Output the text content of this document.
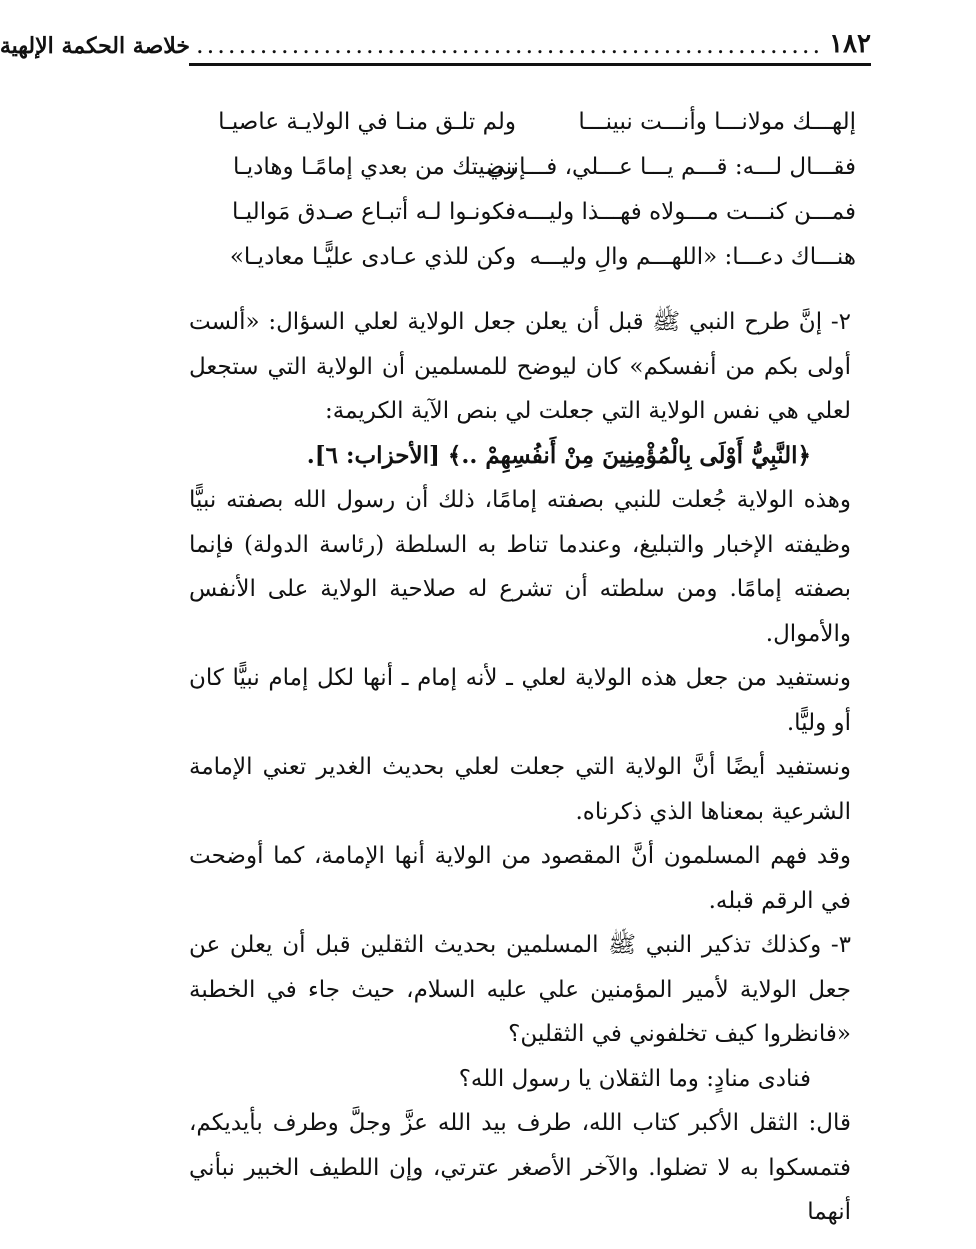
١٨٢
...........................................................
خلاصة الحكمة الإلهية
إلهـــك مولانـــا وأنـــت نبينـــا
ولم تلـق منـا في الولايـة عاصيـا
فقـــال لـــه: قـــم يـــا عـــلي، فـــإنني
رضيتك من بعدي إمامًـا وهاديـا
فمـــن كنـــت مـــولاه فهـــذا وليـــه
فكونـوا لـه أتبـاع صـدق مَواليـا
هنـــاك دعـــا: «اللهـــم والِ وليـــه
وكن للذي عـادى عليًّـا معاديـا»

٢- إنَّ طرح النبي ﷺ قبل أن يعلن جعل الولاية لعلي السؤال: «ألست أولى بكم من أنفسكم» كان ليوضح للمسلمين أن الولاية التي ستجعل لعلي هي نفس الولاية التي جعلت لي بنص الآية الكريمة:

﴿النَّبِيُّ أَوْلَى بِالْمُؤْمِنِينَ مِنْ أَنفُسِهِمْ ..﴾ [الأحزاب: ٦].

وهذه الولاية جُعلت للنبي بصفته إمامًا، ذلك أن رسول الله بصفته نبيًّا وظيفته الإخبار والتبليغ، وعندما تناط به السلطة (رئاسة الدولة) فإنما بصفته إمامًا. ومن سلطته أن تشرع له صلاحية الولاية على الأنفس والأموال.

ونستفيد من جعل هذه الولاية لعلي ـ لأنه إمام ـ أنها لكل إمام نبيًّا كان أو وليًّا.

ونستفيد أيضًا أنَّ الولاية التي جعلت لعلي بحديث الغدير تعني الإمامة الشرعية بمعناها الذي ذكرناه.

وقد فهم المسلمون أنَّ المقصود من الولاية أنها الإمامة، كما أوضحت في الرقم قبله.

٣- وكذلك تذكير النبي ﷺ المسلمين بحديث الثقلين قبل أن يعلن عن جعل الولاية لأمير المؤمنين علي عليه السلام، حيث جاء في الخطبة «فانظروا كيف تخلفوني في الثقلين؟

فنادى منادٍ: وما الثقلان يا رسول الله؟

قال: الثقل الأكبر كتاب الله، طرف بيد الله عزَّ وجلَّ وطرف بأيديكم، فتمسكوا به لا تضلوا. والآخر الأصغر عترتي، وإن اللطيف الخبير نبأني أنهما
